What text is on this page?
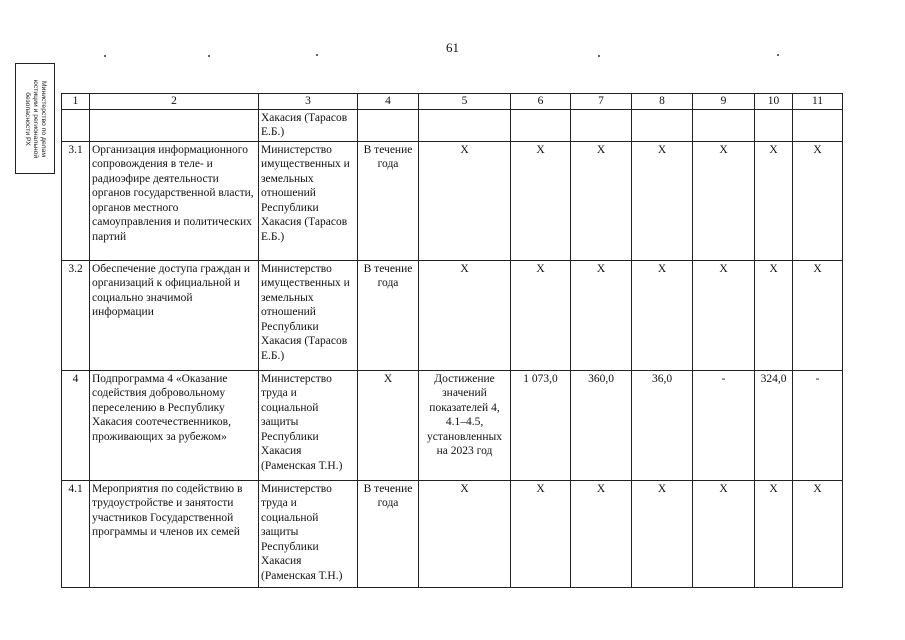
61
Министерство по делам
юстиции и региональной
безопасности РХ	1	2	3	4	5	6	7	8	9	10	11
		Хакасия (Тарасов Е.Б.)								
3.1	Организация информационного сопровождения в теле- и радиоэфире деятельности органов государственной власти, органов местного самоуправления и политических партий	Министерство имущественных и земельных отношений Республики Хакасия (Тарасов Е.Б.)	В течение года	X	X	X	X	X	X	X
3.2	Обеспечение доступа граждан и организаций к официальной и социально значимой информации	Министерство имущественных и земельных отношений Республики Хакасия (Тарасов Е.Б.)	В течение года	X	X	X	X	X	X	X
4	Подпрограмма 4 «Оказание содействия добровольному переселению в Республику Хакасия соотечественников, проживающих за рубежом»	Министерство труда и социальной защиты Республики Хакасия (Раменская Т.Н.)	X	Достижение значений показателей 4, 4.1–4.5, установленных на 2023 год	1 073,0	360,0	36,0	-	324,0	-
4.1	Мероприятия по содействию в трудоустройстве и занятости участников Государственной программы и членов их семей	Министерство труда и социальной защиты Республики Хакасия (Раменская Т.Н.)	В течение года	X	X	X	X	X	X	X
